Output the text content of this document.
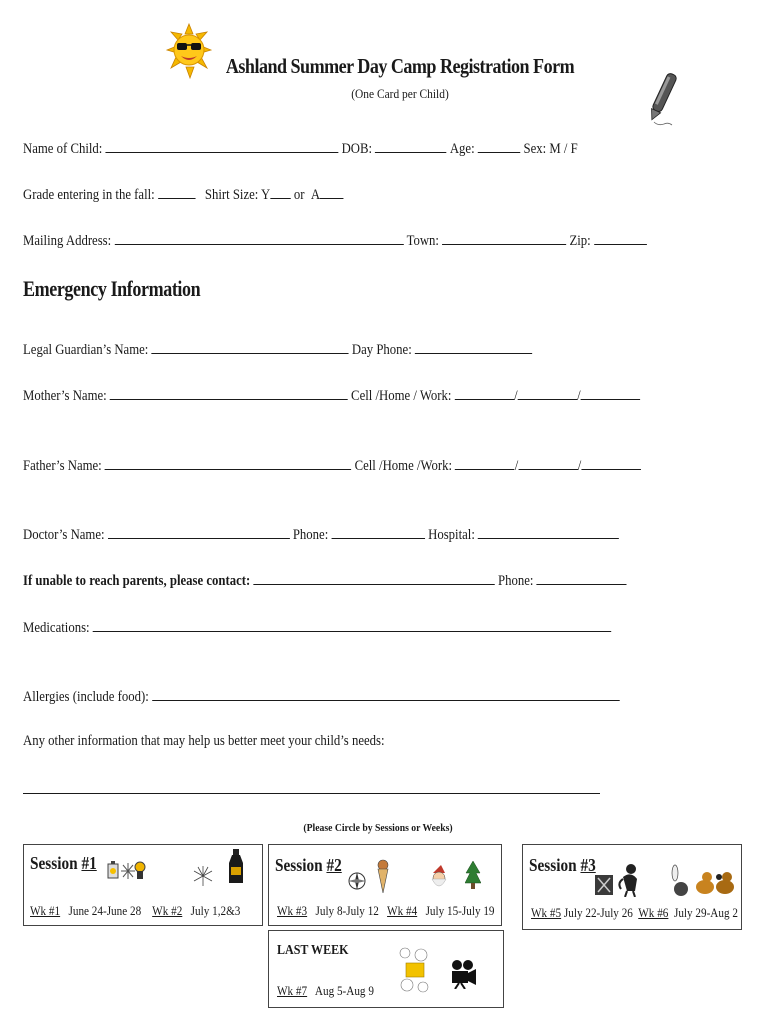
Ashland Summer Day Camp Registration Form
(One Card per Child)
Name of Child:	DOB:	Age:	Sex: M / F
Grade entering in the fall:	Shirt Size: Y or A
Mailing Address:	Town:	Zip:
Emergency Information
Legal Guardian’s Name:	Day Phone:
Mother’s Name:	Cell /Home / Work:	/	/
Father’s Name:	Cell /Home /Work:	/	/
Doctor’s Name:	Phone:	Hospital:
If unable to reach parents, please contact:	Phone:
Medications:
Allergies (include food):
Any other information that may help us better meet your child’s needs:
(Please Circle by Sessions or Weeks)
Session #1
Wk #1 June 24-June 28 Wk #2 July 1,2&3
Session #2
Wk #3 July 8-July 12 Wk #4 July 15-July 19
Session #3
Wk #5 July 22-July 26 Wk #6 July 29-Aug 2
LAST WEEK
Wk #7 Aug 5-Aug 9
